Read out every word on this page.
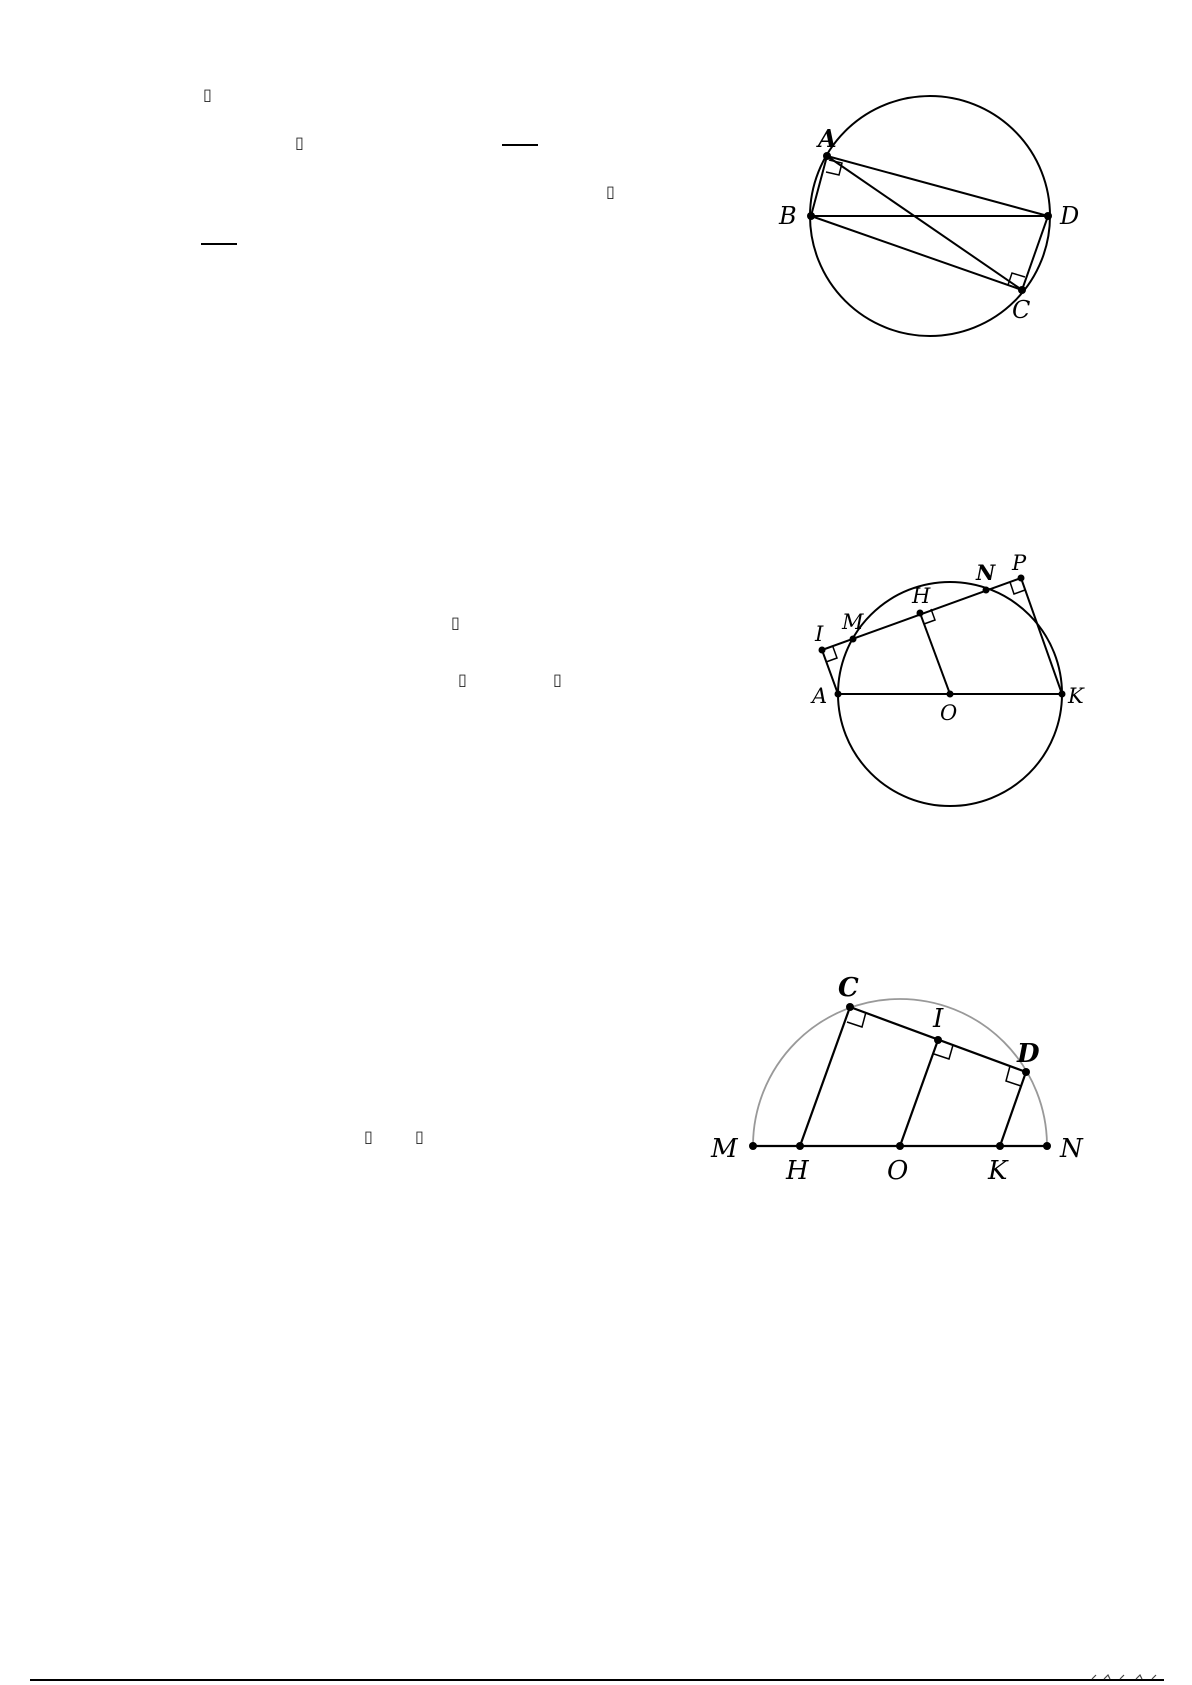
▯
▯
▯
▯
▯	▯
▯	▯
A
B
C
D
I M
H
N P
A
O
K
C
I
D
M
H	O	K
N
